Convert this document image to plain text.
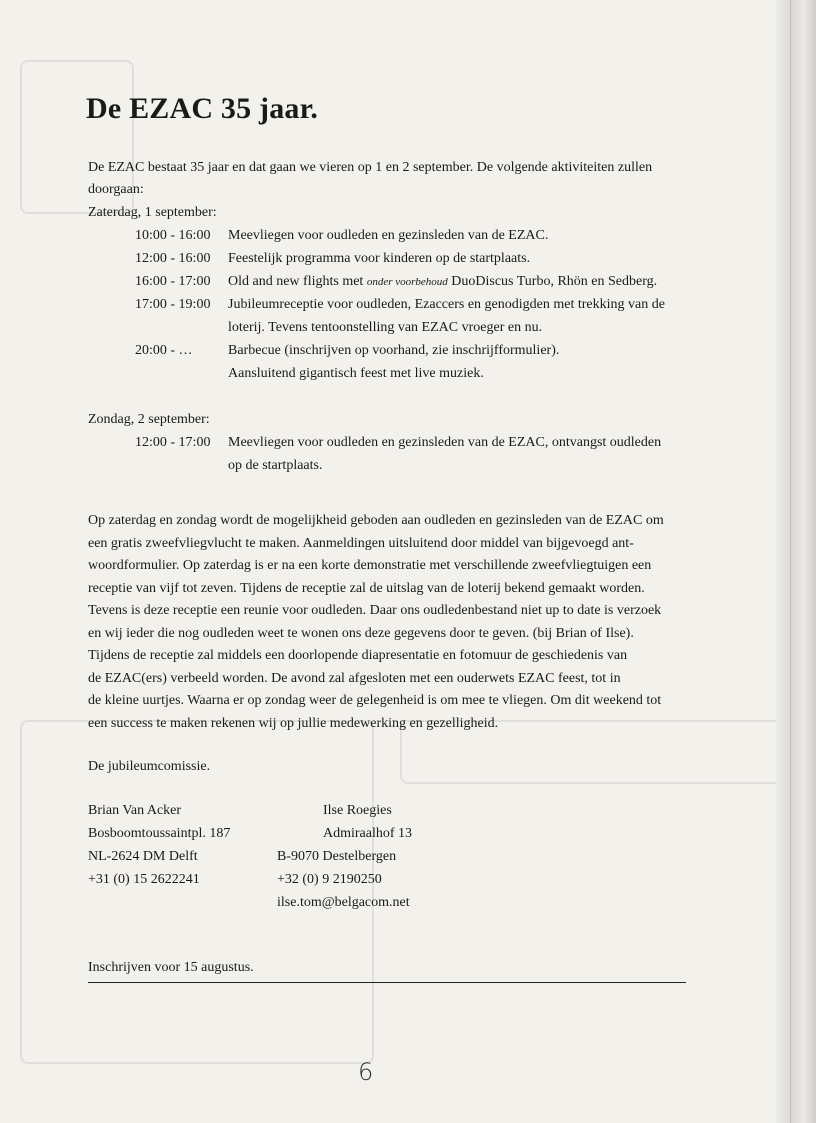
De EZAC 35 jaar.
De EZAC bestaat 35 jaar en dat gaan we vieren op 1 en 2 september. De volgende aktiviteiten zullen
doorgaan:
Zaterdag, 1 september:
10:00 - 16:00 Meevliegen voor oudleden en gezinsleden van de EZAC.
12:00 - 16:00 Feestelijk programma voor kinderen op de startplaats.
16:00 - 17:00 Old and new flights met onder voorbehoud DuoDiscus Turbo, Rhön en Sedberg.
17:00 - 19:00 Jubileumreceptie voor oudleden, Ezaccers en genodigden met trekking van de
loterij. Tevens tentoonstelling van EZAC vroeger en nu.
20:00 - …	Barbecue (inschrijven op voorhand, zie inschrijfformulier).
Aansluitend gigantisch feest met live muziek.
Zondag, 2 september:
12:00 - 17:00 Meevliegen voor oudleden en gezinsleden van de EZAC, ontvangst oudleden
op de startplaats.
Op zaterdag en zondag wordt de mogelijkheid geboden aan oudleden en gezinsleden van de EZAC om
een gratis zweefvliegvlucht te maken. Aanmeldingen uitsluitend door middel van bijgevoegd ant-
woordformulier. Op zaterdag is er na een korte demonstratie met verschillende zweefvliegtuigen een
receptie van vijf tot zeven. Tijdens de receptie zal de uitslag van de loterij bekend gemaakt worden.
Tevens is deze receptie een reunie voor oudleden. Daar ons oudledenbestand niet up to date is verzoek
en wij ieder die nog oudleden weet te wonen ons deze gegevens door te geven. (bij Brian of Ilse).
Tijdens de receptie zal middels een doorlopende diapresentatie en fotomuur de geschiedenis van
de EZAC(ers) verbeeld worden. De avond zal afgesloten met een ouderwets EZAC feest, tot in
de kleine uurtjes. Waarna er op zondag weer de gelegenheid is om mee te vliegen. Om dit weekend tot
een success te maken rekenen wij op jullie medewerking en gezelligheid.
De jubileumcomissie.
Brian Van Acker
Bosboomtoussaintpl. 187
NL-2624 DM Delft
+31 (0) 15 2622241
Ilse Roegies
Admiraalhof 13
B-9070 Destelbergen
+32 (0) 9 2190250
ilse.tom@belgacom.net
Inschrijven voor 15 augustus.
6
